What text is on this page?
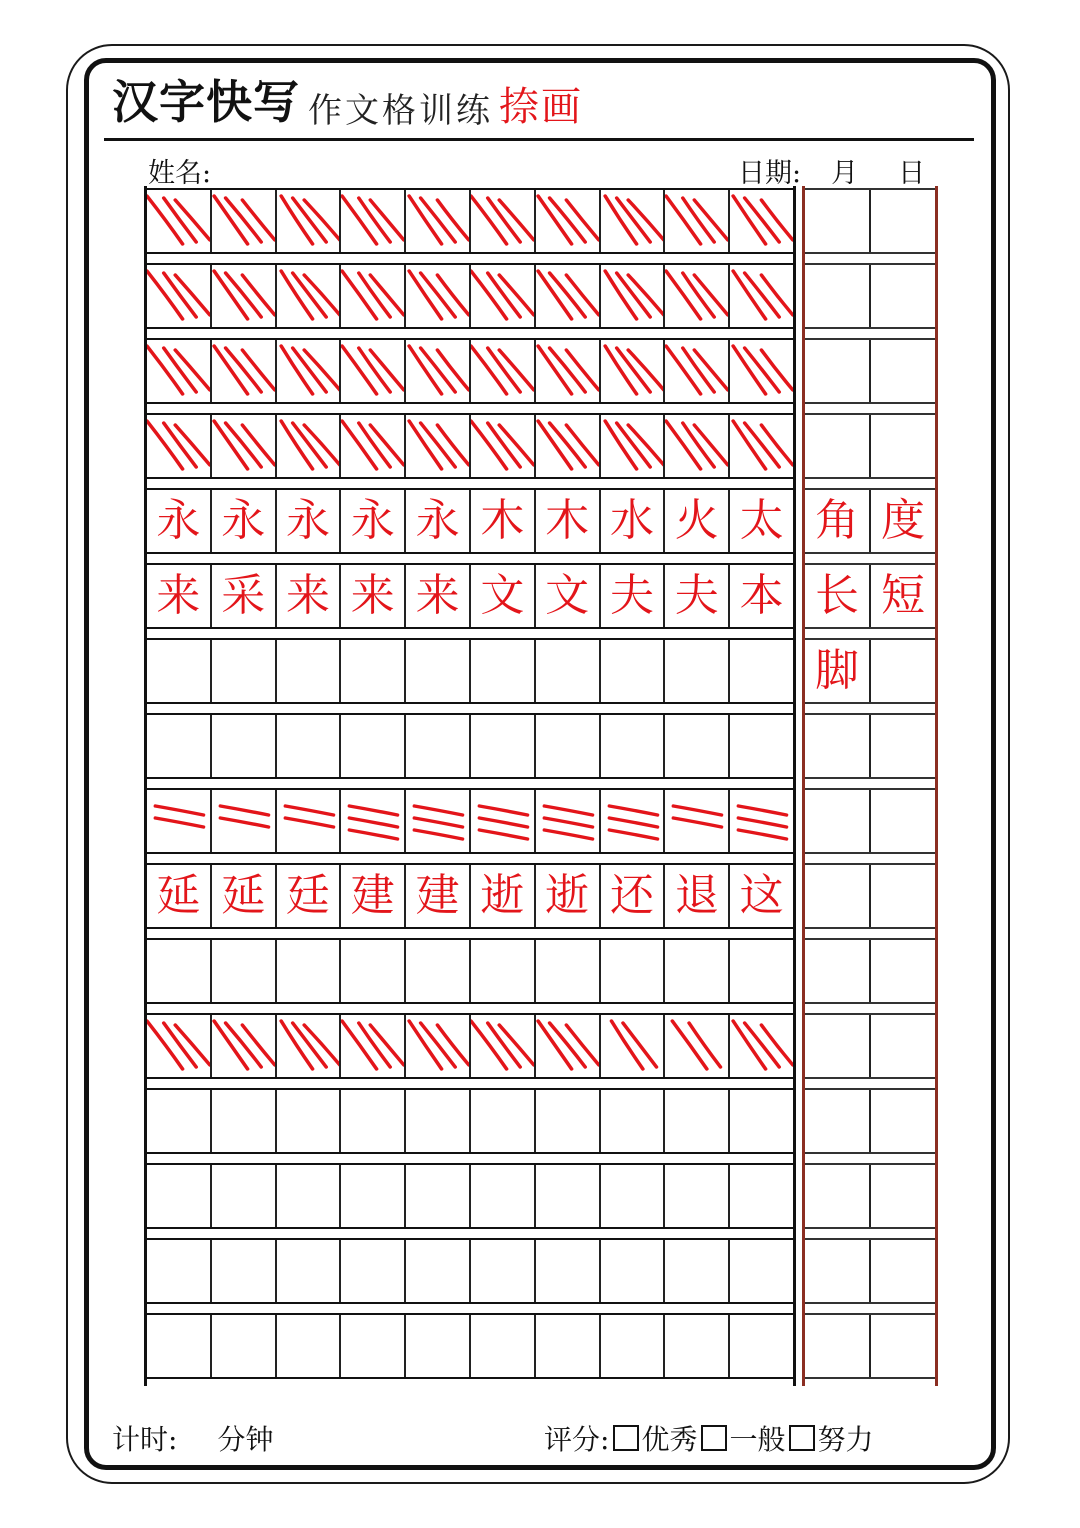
汉字快写 作文格训练 捺画
姓名:	日期: 月 日
永 永 永 永 永 木 木 水 火 太
来 采 来 来 来 文 文 夫 夫 本
延 延 廷 建 建 逝 逝 还 退 这
角 度
长 短
脚
计时: 分钟	评分: 优秀 一般 努力
